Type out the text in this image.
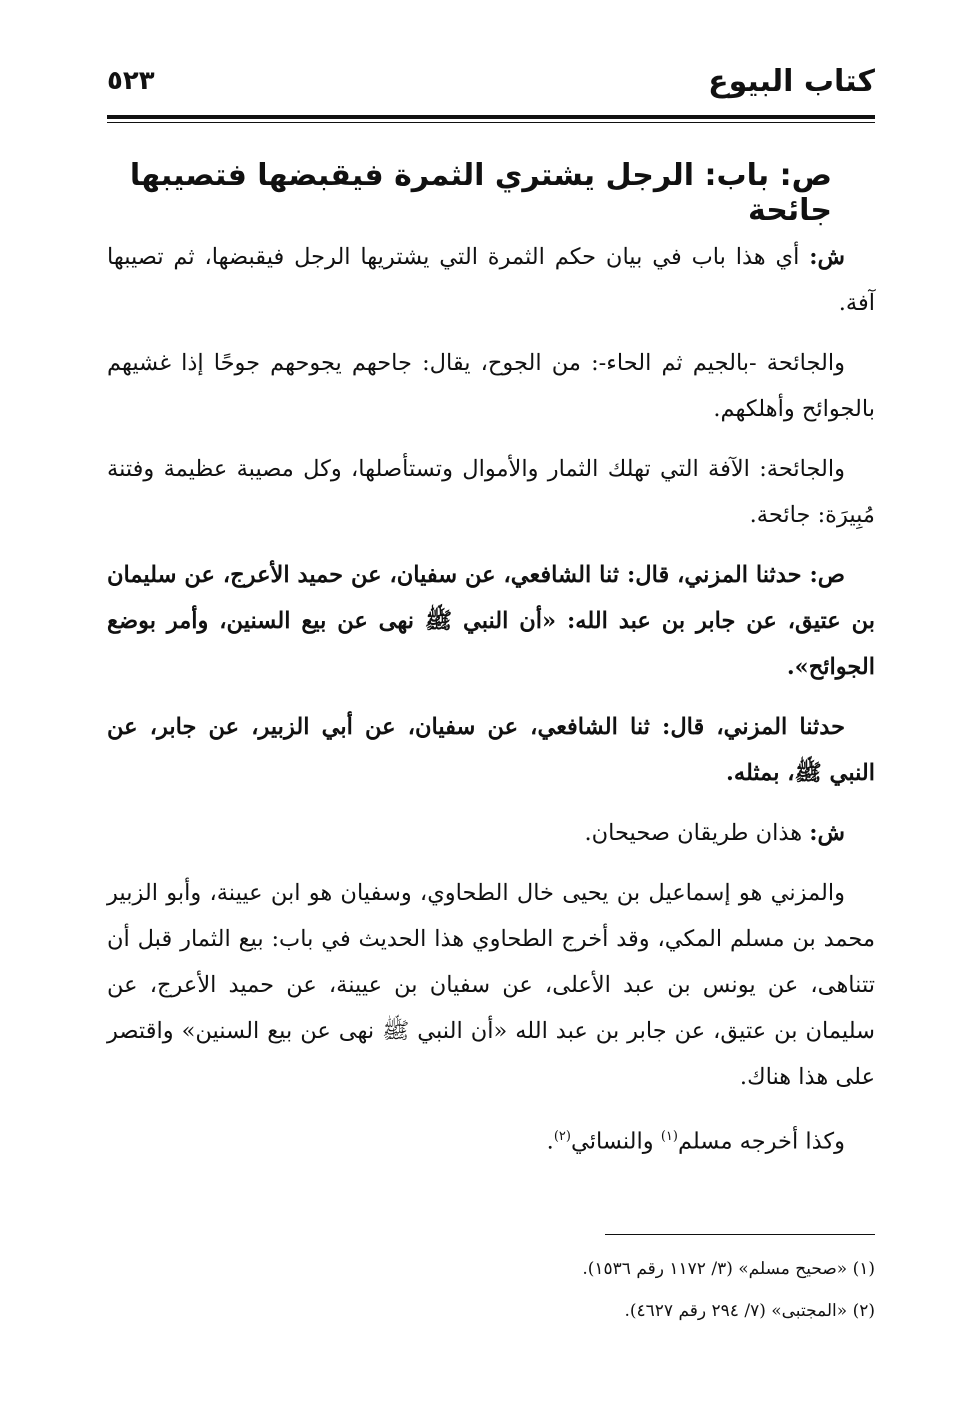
كتاب البيوع
٥٢٣
ص: باب: الرجل يشتري الثمرة فيقبضها فتصيبها جائحة

ش: أي هذا باب في بيان حكم الثمرة التي يشتريها الرجل فيقبضها، ثم تصيبها آفة.

والجائحة -بالجيم ثم الحاء-: من الجوح، يقال: جاحهم يجوحهم جوحًا إذا غشيهم بالجوائح وأهلكهم.

والجائحة: الآفة التي تهلك الثمار والأموال وتستأصلها، وكل مصيبة عظيمة وفتنة مُبِيرَة: جائحة.

ص: حدثنا المزني، قال: ثنا الشافعي، عن سفيان، عن حميد الأعرج، عن سليمان بن عتيق، عن جابر بن عبد الله: «أن النبي ﷺ نهى عن بيع السنين، وأمر بوضع الجوائح».

حدثنا المزني، قال: ثنا الشافعي، عن سفيان، عن أبي الزبير، عن جابر، عن النبي ﷺ، بمثله.

ش: هذان طريقان صحيحان.

والمزني هو إسماعيل بن يحيى خال الطحاوي، وسفيان هو ابن عيينة، وأبو الزبير محمد بن مسلم المكي، وقد أخرج الطحاوي هذا الحديث في باب: بيع الثمار قبل أن تتناهى، عن يونس بن عبد الأعلى، عن سفيان بن عيينة، عن حميد الأعرج، عن سليمان بن عتيق، عن جابر بن عبد الله «أن النبي ﷺ نهى عن بيع السنين» واقتصر على هذا هناك.

وكذا أخرجه مسلم$^{(١)}$ والنسائي$^{(٢)}$.

(١) «صحيح مسلم» (٣/ ١١٧٢ رقم ١٥٣٦).
(٢) «المجتبى» (٧/ ٢٩٤ رقم ٤٦٢٧).
